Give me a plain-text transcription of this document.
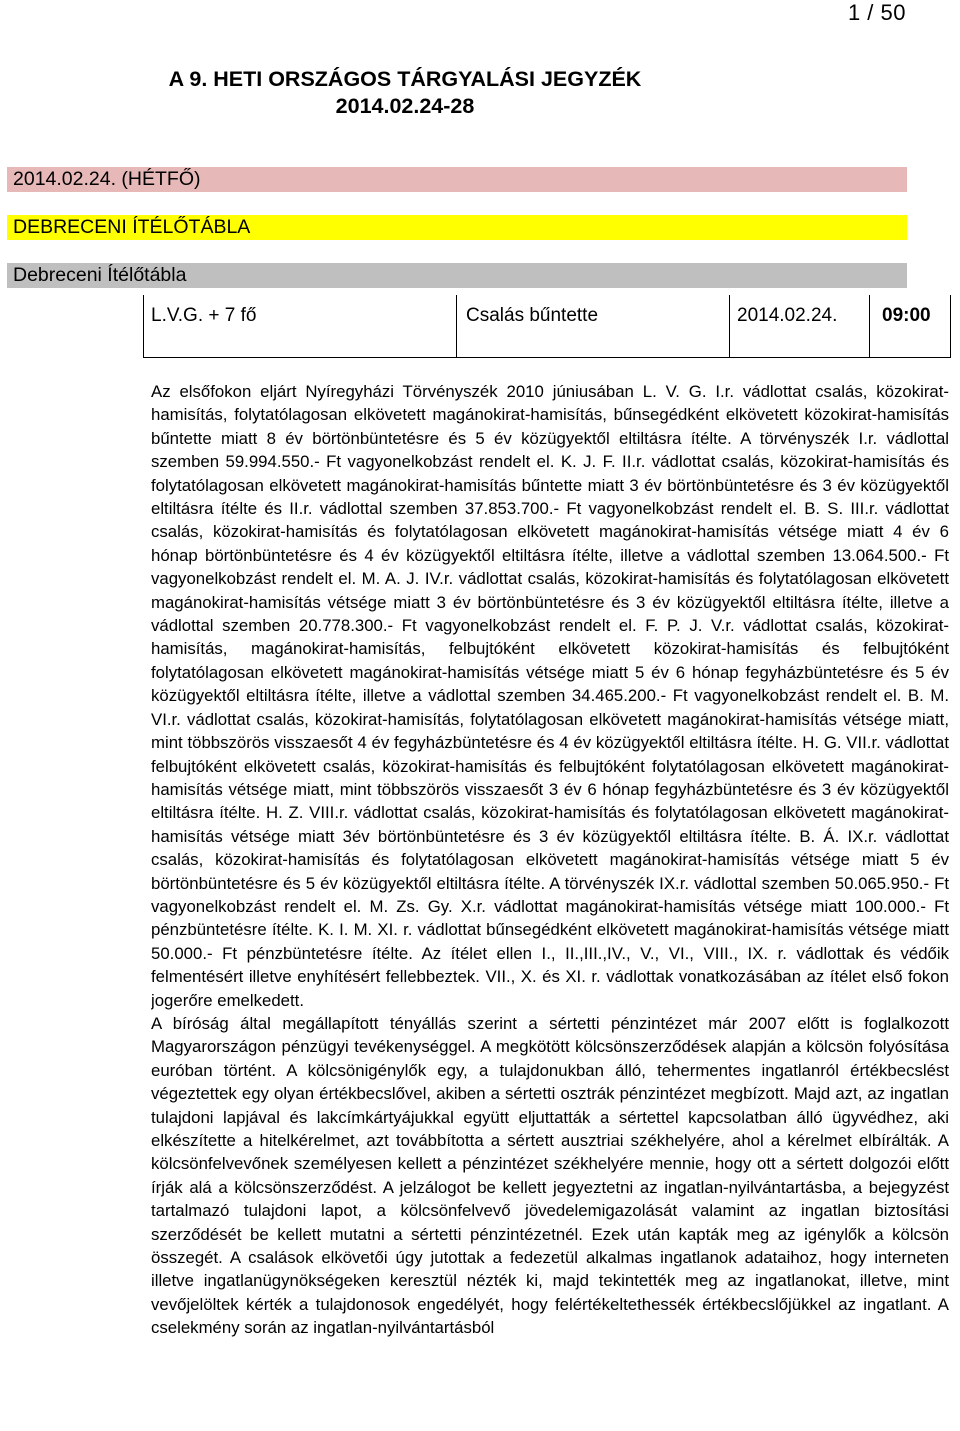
1 / 50
A 9. HETI ORSZÁGOS TÁRGYALÁSI JEGYZÉK
2014.02.24-28
2014.02.24. (HÉTFŐ)
DEBRECENI ÍTÉLŐTÁBLA
Debreceni Ítélőtábla
L.V.G. + 7 fő	Csalás bűntette	2014.02.24.	09:00

Az elsőfokon eljárt Nyíregyházi Törvényszék 2010 júniusában L. V. G. I.r. vádlottat csalás, közokirat-hamisítás, folytatólagosan elkövetett magánokirat-hamisítás, bűnsegédként elkövetett közokirat-hamisítás bűntette miatt 8 év börtönbüntetésre és 5 év közügyektől eltiltásra ítélte. A törvényszék I.r. vádlottal szemben 59.994.550.- Ft vagyonelkobzást rendelt el. K. J. F. II.r. vádlottat csalás, közokirat-hamisítás és folytatólagosan elkövetett magánokirat-hamisítás bűntette miatt 3 év börtönbüntetésre és 3 év közügyektől eltiltásra ítélte és II.r. vádlottal szemben 37.853.700.- Ft vagyonelkobzást rendelt el. B. S. III.r. vádlottat csalás, közokirat-hamisítás és folytatólagosan elkövetett magánokirat-hamisítás vétsége miatt 4 év 6 hónap börtönbüntetésre és 4 év közügyektől eltiltásra ítélte, illetve a vádlottal szemben 13.064.500.- Ft vagyonelkobzást rendelt el. M. A. J. IV.r. vádlottat csalás, közokirat-hamisítás és folytatólagosan elkövetett magánokirat-hamisítás vétsége miatt 3 év börtönbüntetésre és 3 év közügyektől eltiltásra ítélte, illetve a vádlottal szemben 20.778.300.- Ft vagyonelkobzást rendelt el. F. P. J. V.r. vádlottat csalás, közokirat-hamisítás, magánokirat-hamisítás, felbujtóként elkövetett közokirat-hamisítás és felbujtóként folytatólagosan elkövetett magánokirat-hamisítás vétsége miatt 5 év 6 hónap fegyházbüntetésre és 5 év közügyektől eltiltásra ítélte, illetve a vádlottal szemben 34.465.200.- Ft vagyonelkobzást rendelt el. B. M. VI.r. vádlottat csalás, közokirat-hamisítás, folytatólagosan elkövetett magánokirat-hamisítás vétsége miatt, mint többszörös visszaesőt 4 év fegyházbüntetésre és 4 év közügyektől eltiltásra ítélte. H. G. VII.r. vádlottat felbujtóként elkövetett csalás, közokirat-hamisítás és felbujtóként folytatólagosan elkövetett magánokirat-hamisítás vétsége miatt, mint többszörös visszaesőt 3 év 6 hónap fegyházbüntetésre és 3 év közügyektől eltiltásra ítélte. H. Z. VIII.r. vádlottat csalás, közokirat-hamisítás és folytatólagosan elkövetett magánokirat-hamisítás vétsége miatt 3év börtönbüntetésre és 3 év közügyektől eltiltásra ítélte. B. Á. IX.r. vádlottat csalás, közokirat-hamisítás és folytatólagosan elkövetett magánokirat-hamisítás vétsége miatt 5 év börtönbüntetésre és 5 év közügyektől eltiltásra ítélte. A törvényszék IX.r. vádlottal szemben 50.065.950.- Ft vagyonelkobzást rendelt el. M. Zs. Gy. X.r. vádlottat magánokirat-hamisítás vétsége miatt 100.000.- Ft pénzbüntetésre ítélte. K. I. M. XI. r. vádlottat bűnsegédként elkövetett magánokirat-hamisítás vétsége miatt 50.000.- Ft pénzbüntetésre ítélte. Az ítélet ellen I., II.,III.,IV., V., VI., VIII., IX. r. vádlottak és védőik felmentésért illetve enyhítésért fellebbeztek. VII., X. és XI. r. vádlottak vonatkozásában az ítélet első fokon jogerőre emelkedett.

A bíróság által megállapított tényállás szerint a sértetti pénzintézet már 2007 előtt is foglalkozott Magyarországon pénzügyi tevékenységgel. A megkötött kölcsönszerződések alapján a kölcsön folyósítása euróban történt. A kölcsönigénylők egy, a tulajdonukban álló, tehermentes ingatlanról értékbecslést végeztettek egy olyan értékbecslővel, akiben a sértetti osztrák pénzintézet megbízott. Majd azt, az ingatlan tulajdoni lapjával és lakcímkártyájukkal együtt eljuttatták a sértettel kapcsolatban álló ügyvédhez, aki elkészítette a hitelkérelmet, azt továbbította a sértett ausztriai székhelyére, ahol a kérelmet elbírálták. A kölcsönfelvevőnek személyesen kellett a pénzintézet székhelyére mennie, hogy ott a sértett dolgozói előtt írják alá a kölcsönszerződést. A jelzálogot be kellett jegyeztetni az ingatlan-nyilvántartásba, a bejegyzést tartalmazó tulajdoni lapot, a kölcsönfelvevő jövedelemigazolását valamint az ingatlan biztosítási szerződését be kellett mutatni a sértetti pénzintézetnél. Ezek után kapták meg az igénylők a kölcsön összegét. A csalások elkövetői úgy jutottak a fedezetül alkalmas ingatlanok adataihoz, hogy interneten illetve ingatlanügynökségeken keresztül nézték ki, majd tekintették meg az ingatlanokat, illetve, mint vevőjelöltek kérték a tulajdonosok engedélyét, hogy felértékeltethessék értékbecslőjükkel az ingatlant. A cselekmény során az ingatlan-nyilvántartásból
